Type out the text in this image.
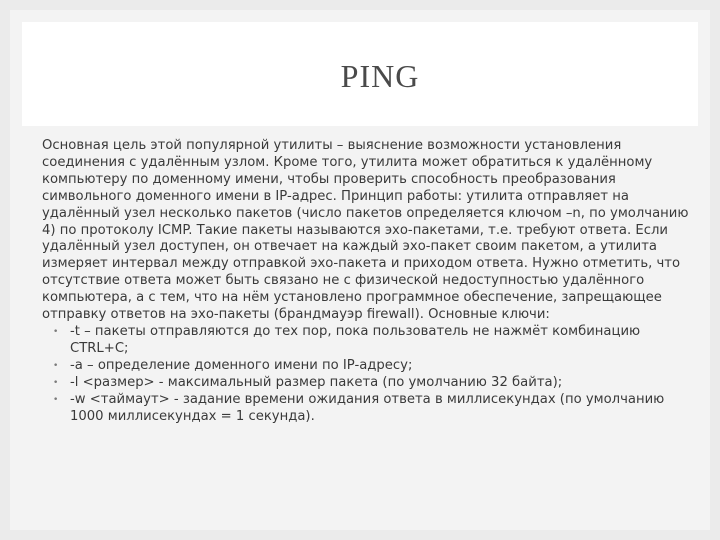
PING

Основная цель этой популярной утилиты – выяснение возможности установления соединения с удалённым узлом. Кроме того, утилита может обратиться к удалённому компьютеру по доменному имени, чтобы проверить способность преобразования символьного доменного имени в IP-адрес. Принцип работы: утилита отправляет на удалённый узел несколько пакетов (число пакетов определяется ключом –n, по умолчанию 4) по протоколу ICMP. Такие пакеты называются эхо-пакетами, т.е. требуют ответа. Если удалённый узел доступен, он отвечает на каждый эхо-пакет своим пакетом, а утилита измеряет интервал между отправкой эхо-пакета и приходом ответа. Нужно отметить, что отсутствие ответа может быть связано не с физической недоступностью удалённого компьютера, а с тем, что на нём установлено программное обеспечение, запрещающее отправку ответов на эхо-пакеты (брандмауэр firewall). Основные ключи:

• -t – пакеты отправляются до тех пор, пока пользователь не нажмёт комбинацию CTRL+C;
• -a – определение доменного имени по IP-адресу;
• -l <размер> - максимальный размер пакета (по умолчанию 32 байта);
• -w <таймаут> - задание времени ожидания ответа в миллисекундах (по умолчанию 1000 миллисекундах = 1 секунда).
